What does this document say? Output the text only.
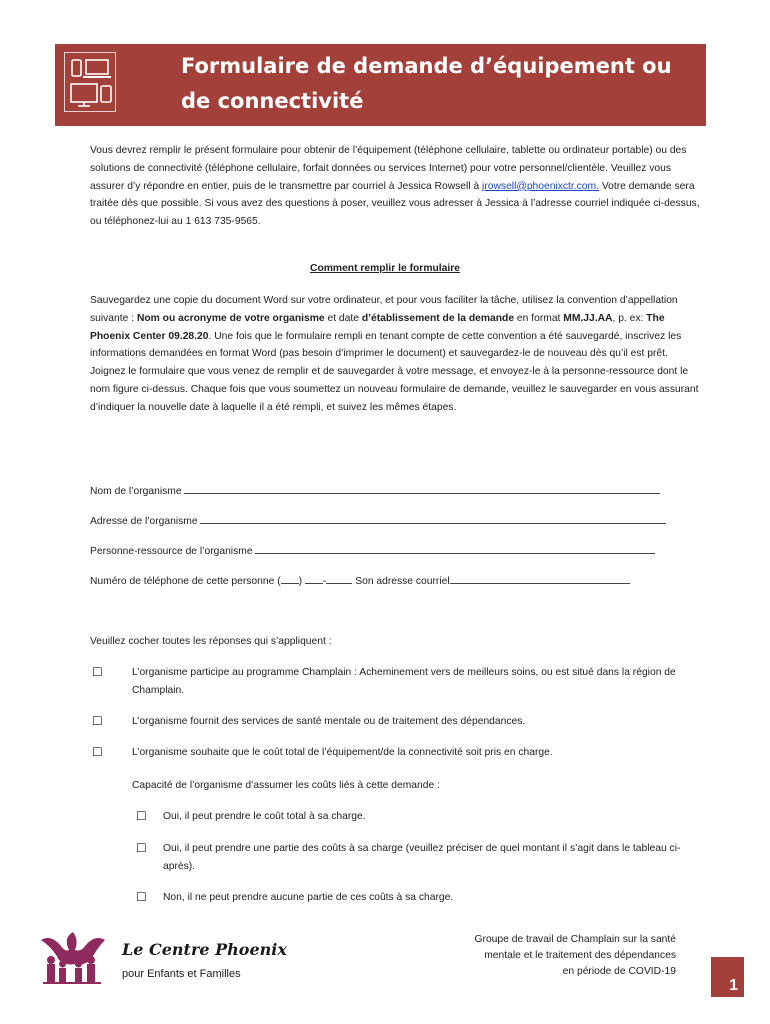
Formulaire de demande d’équipement ou
de connectivité
Vous devrez remplir le présent formulaire pour obtenir de l’équipement (téléphone cellulaire, tablette ou ordinateur portable) ou des solutions de connectivité (téléphone cellulaire, forfait données ou services Internet) pour votre personnel/clientèle. Veuillez vous assurer d’y répondre en entier, puis de le transmettre par courriel à Jessica Rowsell à jrowsell@phoenixctr.com. Votre demande sera traitée dès que possible. Si vous avez des questions à poser, veuillez vous adresser à Jessica à l’adresse courriel indiquée ci-dessus, ou téléphonez-lui au 1 613 735-9565.
Comment remplir le formulaire
Sauvegardez une copie du document Word sur votre ordinateur, et pour vous faciliter la tâche, utilisez la convention d’appellation suivante : Nom ou acronyme de votre organisme et date d’établissement de la demande en format MM.JJ.AA, p. ex: The Phoenix Center 09.28.20. Une fois que le formulaire rempli en tenant compte de cette convention a été sauvegardé, inscrivez les informations demandées en format Word (pas besoin d’imprimer le document) et sauvegardez-le de nouveau dès qu’il est prêt. Joignez le formulaire que vous venez de remplir et de sauvegarder à votre message, et envoyez-le à la personne-ressource dont le nom figure ci-dessus. Chaque fois que vous soumettez un nouveau formulaire de demande, veuillez le sauvegarder en vous assurant d’indiquer la nouvelle date à laquelle il a été rempli, et suivez les mêmes étapes.
Nom de l’organisme
Adresse de l’organisme
Personne-ressource de l’organisme
Numéro de téléphone de cette personne ( ) -	Son adresse courriel
Veuillez cocher toutes les réponses qui s’appliquent :
☐	L’organisme participe au programme Champlain : Acheminement vers de meilleurs soins, ou est situé dans la région de Champlain.
☐	L’organisme fournit des services de santé mentale ou de traitement des dépendances.
☐	L’organisme souhaite que le coût total de l’équipement/de la connectivité soit pris en charge.
Capacité de l’organisme d’assumer les coûts liés à cette demande :
☐ Oui, il peut prendre le coût total à sa charge.
☐ Oui, il peut prendre une partie des coûts à sa charge (veuillez préciser de quel montant il s’agit dans le tableau ci-après).
☐ Non, il ne peut prendre aucune partie de ces coûts à sa charge.
Le Centre Phoenix
pour Enfants et Familles
Groupe de travail de Champlain sur la santé
mentale et le traitement des dépendances
en période de COVID-19
1
